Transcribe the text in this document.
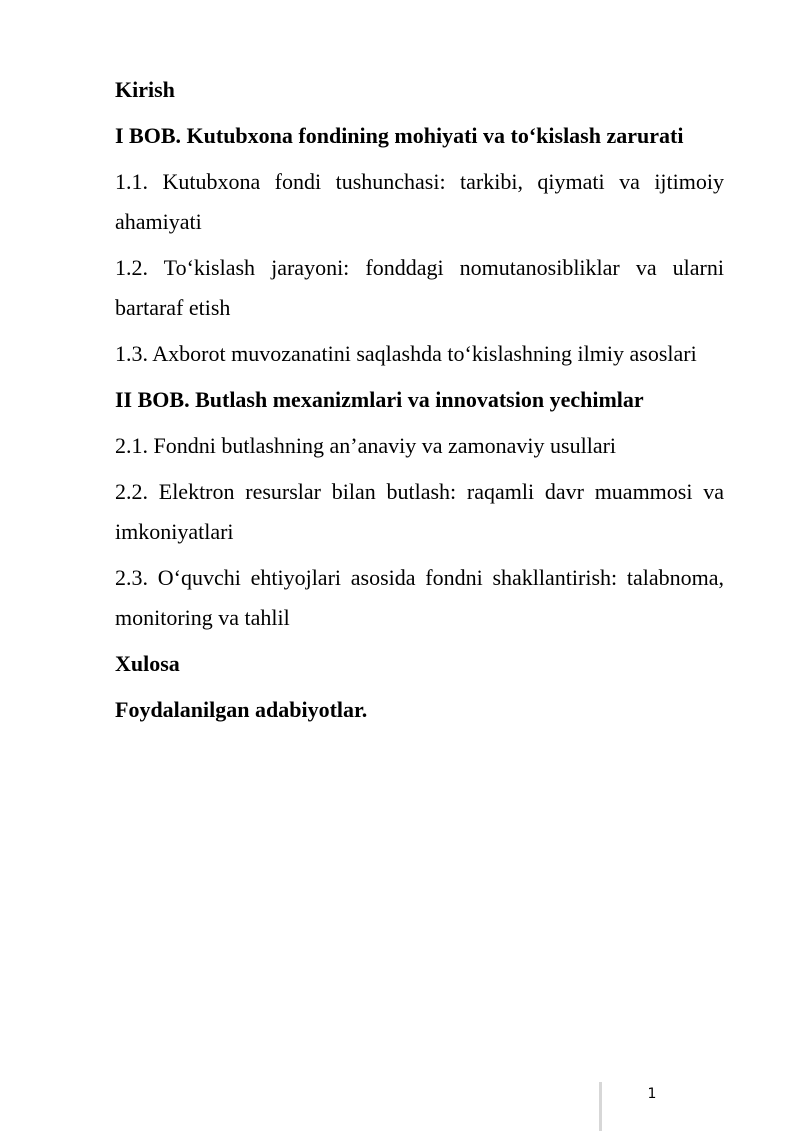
Kirish

I BOB. Kutubxona fondining mohiyati va to‘kislash zarurati

1.1. Kutubxona fondi tushunchasi: tarkibi, qiymati va ijtimoiy ahamiyati

1.2. To‘kislash jarayoni: fonddagi nomutanosibliklar va ularni bartaraf etish

1.3. Axborot muvozanatini saqlashda to‘kislashning ilmiy asoslari

II BOB. Butlash mexanizmlari va innovatsion yechimlar

2.1. Fondni butlashning an’anaviy va zamonaviy usullari

2.2. Elektron resurslar bilan butlash: raqamli davr muammosi va imkoniyatlari

2.3. O‘quvchi ehtiyojlari asosida fondni shakllantirish: talabnoma, monitoring va tahlil

Xulosa

Foydalanilgan adabiyotlar.

1
